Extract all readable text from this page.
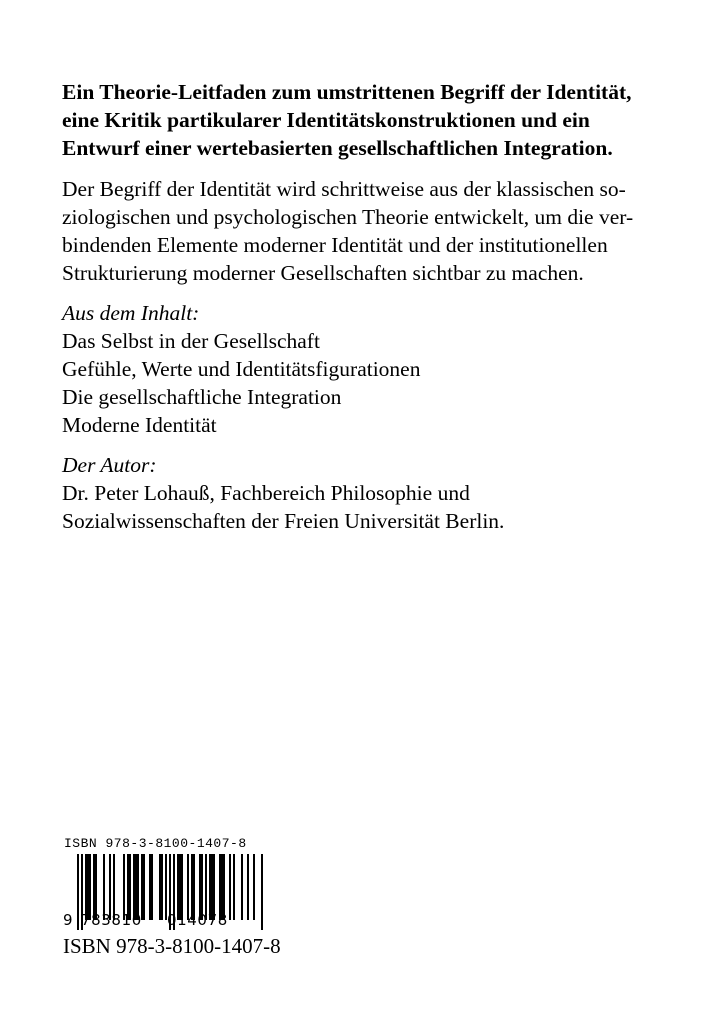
Ein Theorie-Leitfaden zum umstrittenen Begriff der Identität,
eine Kritik partikularer Identitätskonstruktionen und ein
Entwurf einer wertebasierten gesellschaftlichen Integration.

Der Begriff der Identität wird schrittweise aus der klassischen so-
ziologischen und psychologischen Theorie entwickelt, um die ver-
bindenden Elemente moderner Identität und der institutionellen
Strukturierung moderner Gesellschaften sichtbar zu machen.

Aus dem Inhalt:

Das Selbst in der Gesellschaft
Gefühle, Werte und Identitätsfigurationen
Die gesellschaftliche Integration
Moderne Identität

Der Autor:

Dr. Peter Lohauß, Fachbereich Philosophie und
Sozialwissenschaften der Freien Universität Berlin.

ISBN 978-3-8100-1407-8
9 783810 014078
ISBN 978-3-8100-1407-8
